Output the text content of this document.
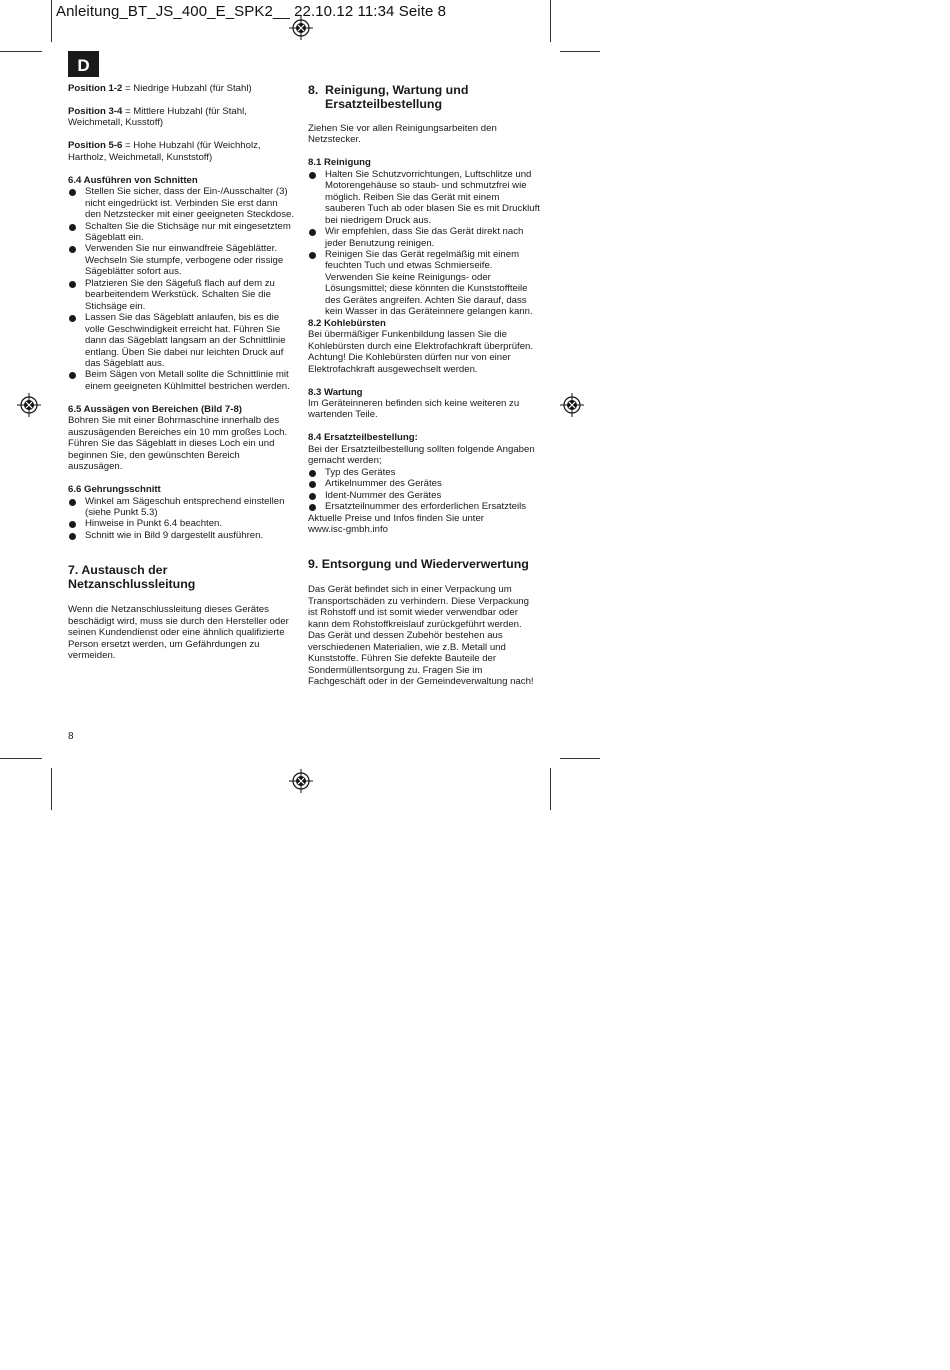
Anleitung_BT_JS_400_E_SPK2__ 22.10.12 11:34 Seite 8
D

Position 1-2 = Niedrige Hubzahl (für Stahl)

Position 3-4 = Mittlere Hubzahl (für Stahl, Weichmetall, Kusstoff)

Position 5-6 = Hohe Hubzahl (für Weichholz, Hartholz, Weichmetall, Kunststoff)

6.4 Ausführen von Schnitten

Stellen Sie sicher, dass der Ein-/Ausschalter (3) nicht eingedrückt ist. Verbinden Sie erst dann den Netzstecker mit einer geeigneten Steckdose.
Schalten Sie die Stichsäge nur mit eingesetztem Sägeblatt ein.
Verwenden Sie nur einwandfreie Sägeblätter. Wechseln Sie stumpfe, verbogene oder rissige Sägeblätter sofort aus.
Platzieren Sie den Sägefuß flach auf dem zu bearbeitendem Werkstück. Schalten Sie die Stichsäge ein.
Lassen Sie das Sägeblatt anlaufen, bis es die volle Geschwindigkeit erreicht hat. Führen Sie dann das Sägeblatt langsam an der Schnittlinie entlang. Üben Sie dabei nur leichten Druck auf das Sägeblatt aus.
Beim Sägen von Metall sollte die Schnittlinie mit einem geeigneten Kühlmittel bestrichen werden.

6.5 Aussägen von Bereichen (Bild 7-8)

Bohren Sie mit einer Bohrmaschine innerhalb des auszusägenden Bereiches ein 10 mm großes Loch. Führen Sie das Sägeblatt in dieses Loch ein und beginnen Sie, den gewünschten Bereich auszusägen.

6.6 Gehrungsschnitt

Winkel am Sägeschuh entsprechend einstellen (siehe Punkt 5.3)
Hinweise in Punkt 6.4 beachten.
Schnitt wie in Bild 9 dargestellt ausführen.
7. Austausch der Netzanschlussleitung

Wenn die Netzanschlussleitung dieses Gerätes beschädigt wird, muss sie durch den Hersteller oder seinen Kundendienst oder eine ähnlich qualifizierte Person ersetzt werden, um Gefährdungen zu vermeiden.

8. Reinigung, Wartung und Ersatzteilbestellung

Ziehen Sie vor allen Reinigungsarbeiten den Netzstecker.

8.1 Reinigung

Halten Sie Schutzvorrichtungen, Luftschlitze und Motorengehäuse so staub- und schmutzfrei wie möglich. Reiben Sie das Gerät mit einem sauberen Tuch ab oder blasen Sie es mit Druckluft bei niedrigem Druck aus.
Wir empfehlen, dass Sie das Gerät direkt nach jeder Benutzung reinigen.
Reinigen Sie das Gerät regelmäßig mit einem feuchten Tuch und etwas Schmierseife. Verwenden Sie keine Reinigungs- oder Lösungsmittel; diese könnten die Kunststoffteile des Gerätes angreifen. Achten Sie darauf, dass kein Wasser in das Geräteinnere gelangen kann.

8.2 Kohlebürsten

Bei übermäßiger Funkenbildung lassen Sie die Kohlebürsten durch eine Elektrofachkraft überprüfen. Achtung! Die Kohlebürsten dürfen nur von einer Elektrofachkraft ausgewechselt werden.

8.3 Wartung

Im Geräteinneren befinden sich keine weiteren zu wartenden Teile.

8.4 Ersatzteilbestellung:

Bei der Ersatzteilbestellung sollten folgende Angaben gemacht werden;

Typ des Gerätes
Artikelnummer des Gerätes
Ident-Nummer des Gerätes
Ersatzteilnummer des erforderlichen Ersatzteils

Aktuelle Preise und Infos finden Sie unter

www.isc-gmbh.info

9. Entsorgung und Wiederverwertung

Das Gerät befindet sich in einer Verpackung um Transportschäden zu verhindern. Diese Verpackung ist Rohstoff und ist somit wieder verwendbar oder kann dem Rohstoffkreislauf zurückgeführt werden. Das Gerät und dessen Zubehör bestehen aus verschiedenen Materialien, wie z.B. Metall und Kunststoffe. Führen Sie defekte Bauteile der Sondermüllentsorgung zu. Fragen Sie im Fachgeschäft oder in der Gemeindeverwaltung nach!

8
